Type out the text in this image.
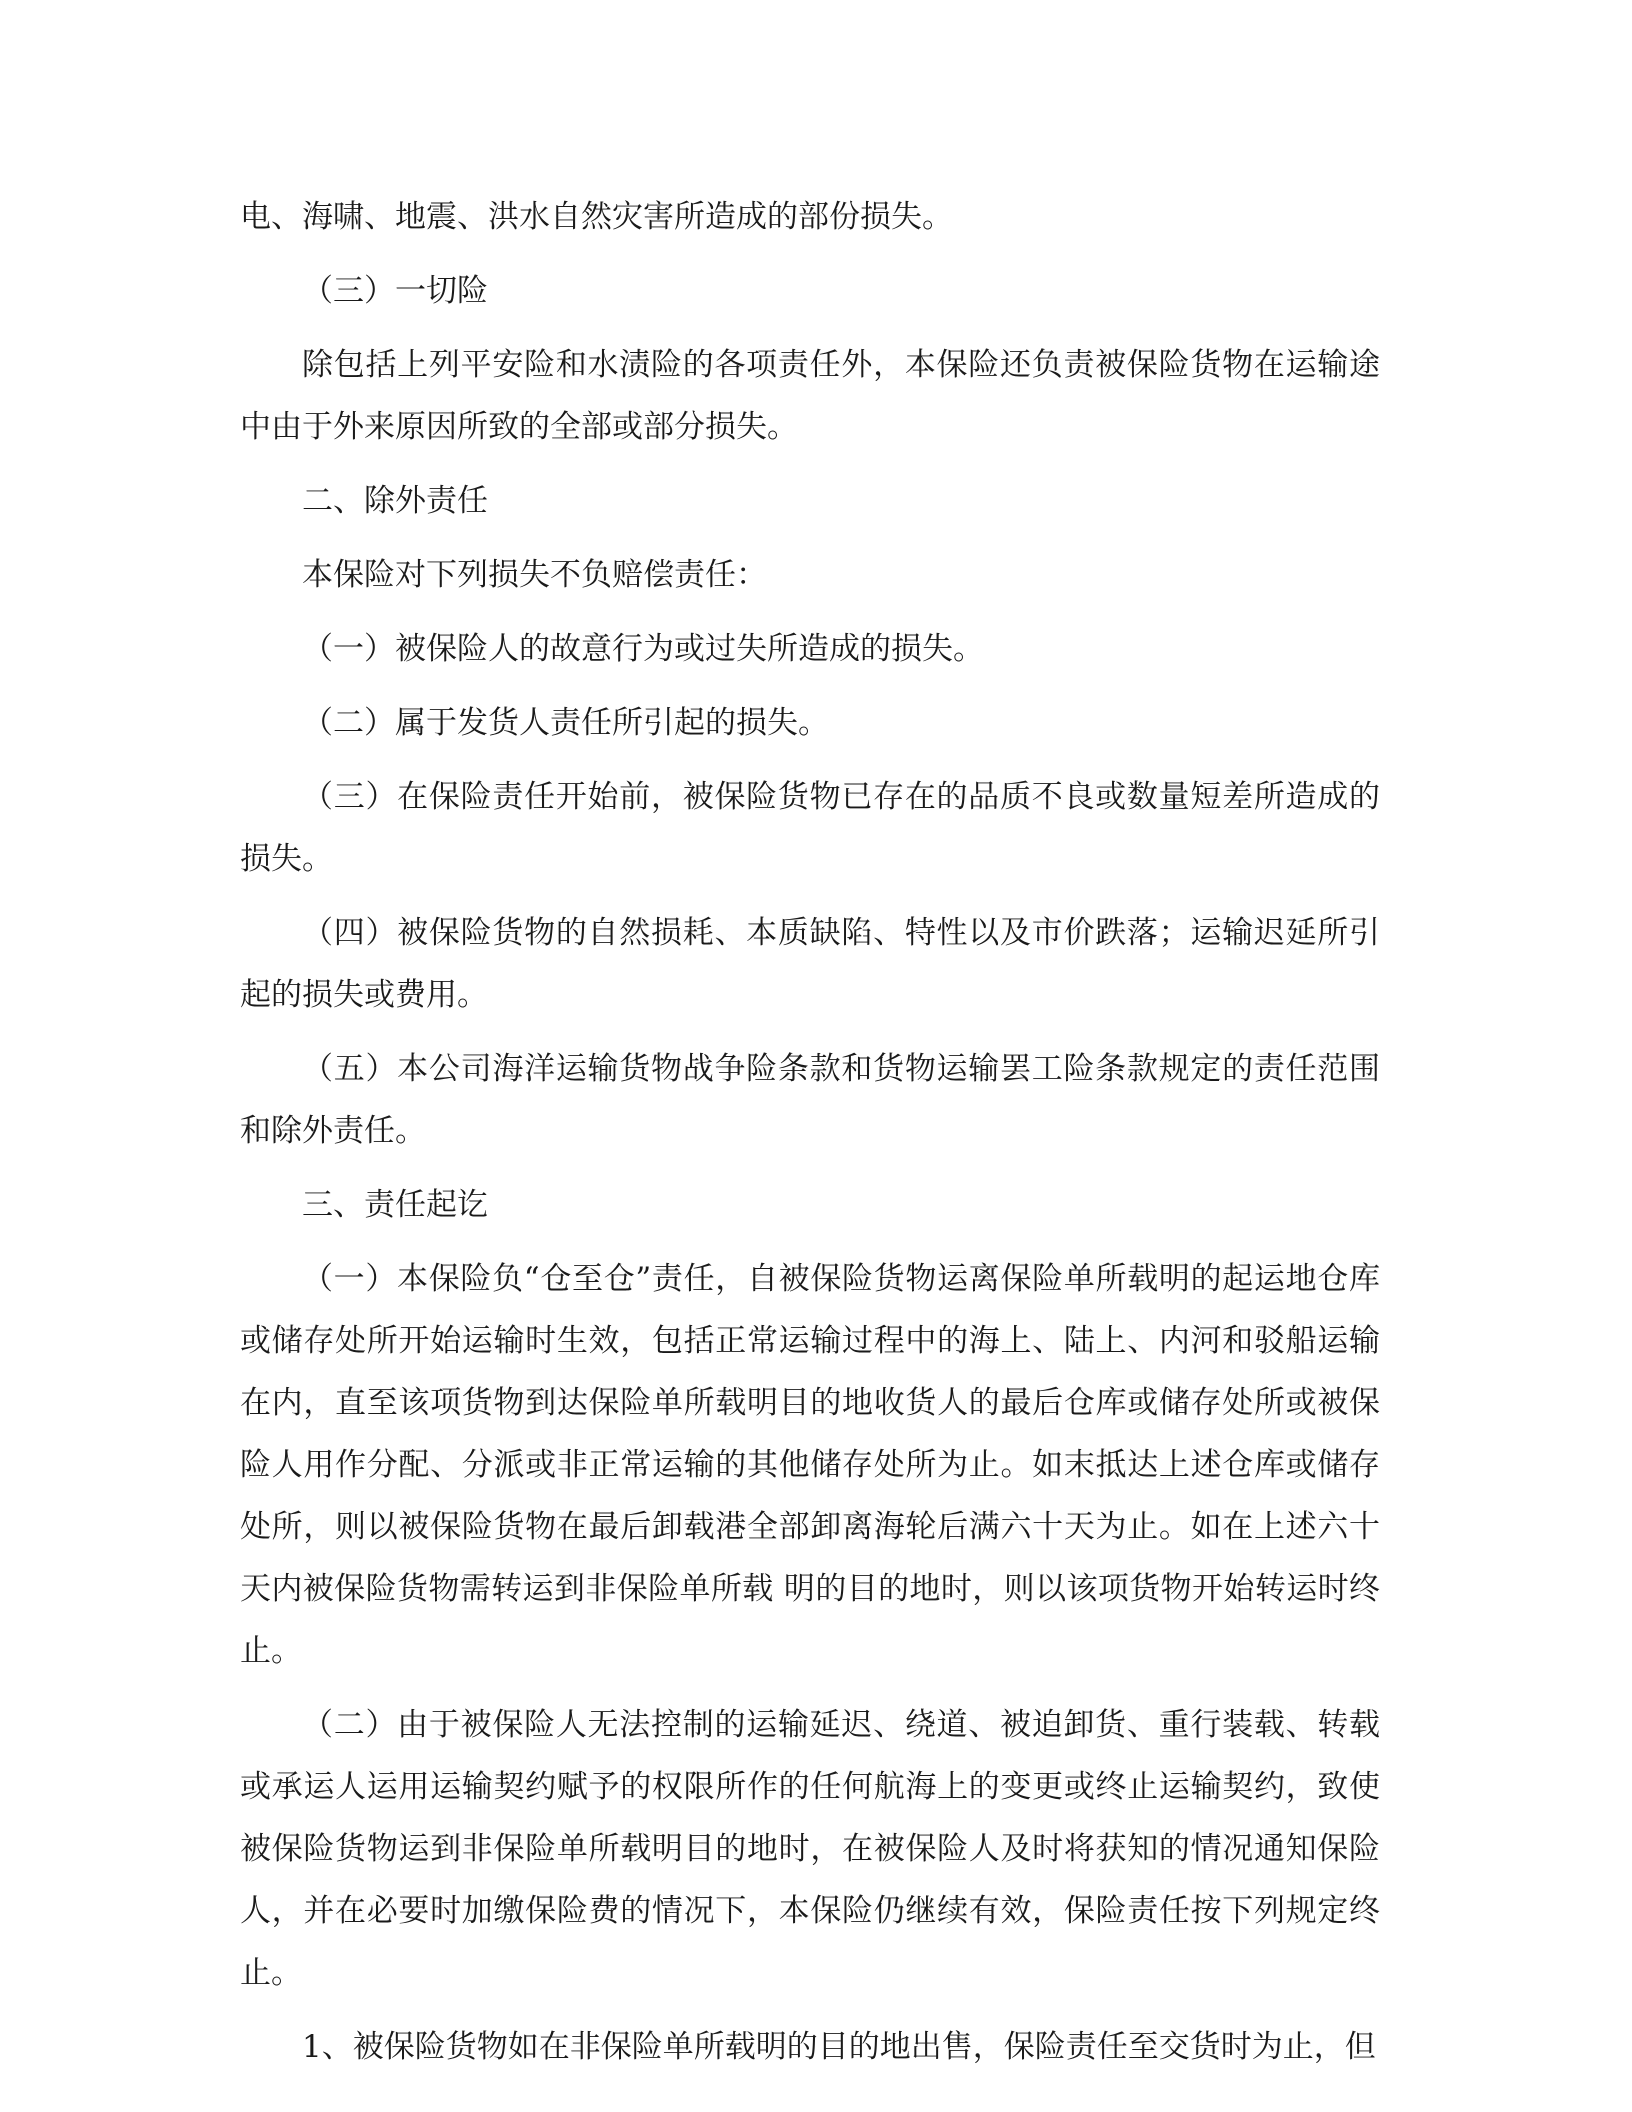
电、海啸、地震、洪水自然灾害所造成的部份损失。

（三）一切险

除包括上列平安险和水渍险的各项责任外，本保险还负责被保险货物在运输途中由于外来原因所致的全部或部分损失。

二、除外责任

本保险对下列损失不负赔偿责任：

（一）被保险人的故意行为或过失所造成的损失。

（二）属于发货人责任所引起的损失。

（三）在保险责任开始前，被保险货物已存在的品质不良或数量短差所造成的损失。

（四）被保险货物的自然损耗、本质缺陷、特性以及市价跌落；运输迟延所引起的损失或费用。

（五）本公司海洋运输货物战争险条款和货物运输罢工险条款规定的责任范围和除外责任。

三、责任起讫

（一）本保险负“仓至仓”责任，自被保险货物运离保险单所载明的起运地仓库或储存处所开始运输时生效，包括正常运输过程中的海上、陆上、内河和驳船运输在内，直至该项货物到达保险单所载明目的地收货人的最后仓库或储存处所或被保险人用作分配、分派或非正常运输的其他储存处所为止。如末抵达上述仓库或储存处所，则以被保险货物在最后卸载港全部卸离海轮后满六十天为止。如在上述六十天内被保险货物需转运到非保险单所载 明的目的地时，则以该项货物开始转运时终止。

（二）由于被保险人无法控制的运输延迟、绕道、被迫卸货、重行装载、转载或承运人运用运输契约赋予的权限所作的任何航海上的变更或终止运输契约，致使被保险货物运到非保险单所载明目的地时，在被保险人及时将获知的情况通知保险人，并在必要时加缴保险费的情况下，本保险仍继续有效，保险责任按下列规定终止。

1、被保险货物如在非保险单所载明的目的地出售，保险责任至交货时为止，但
